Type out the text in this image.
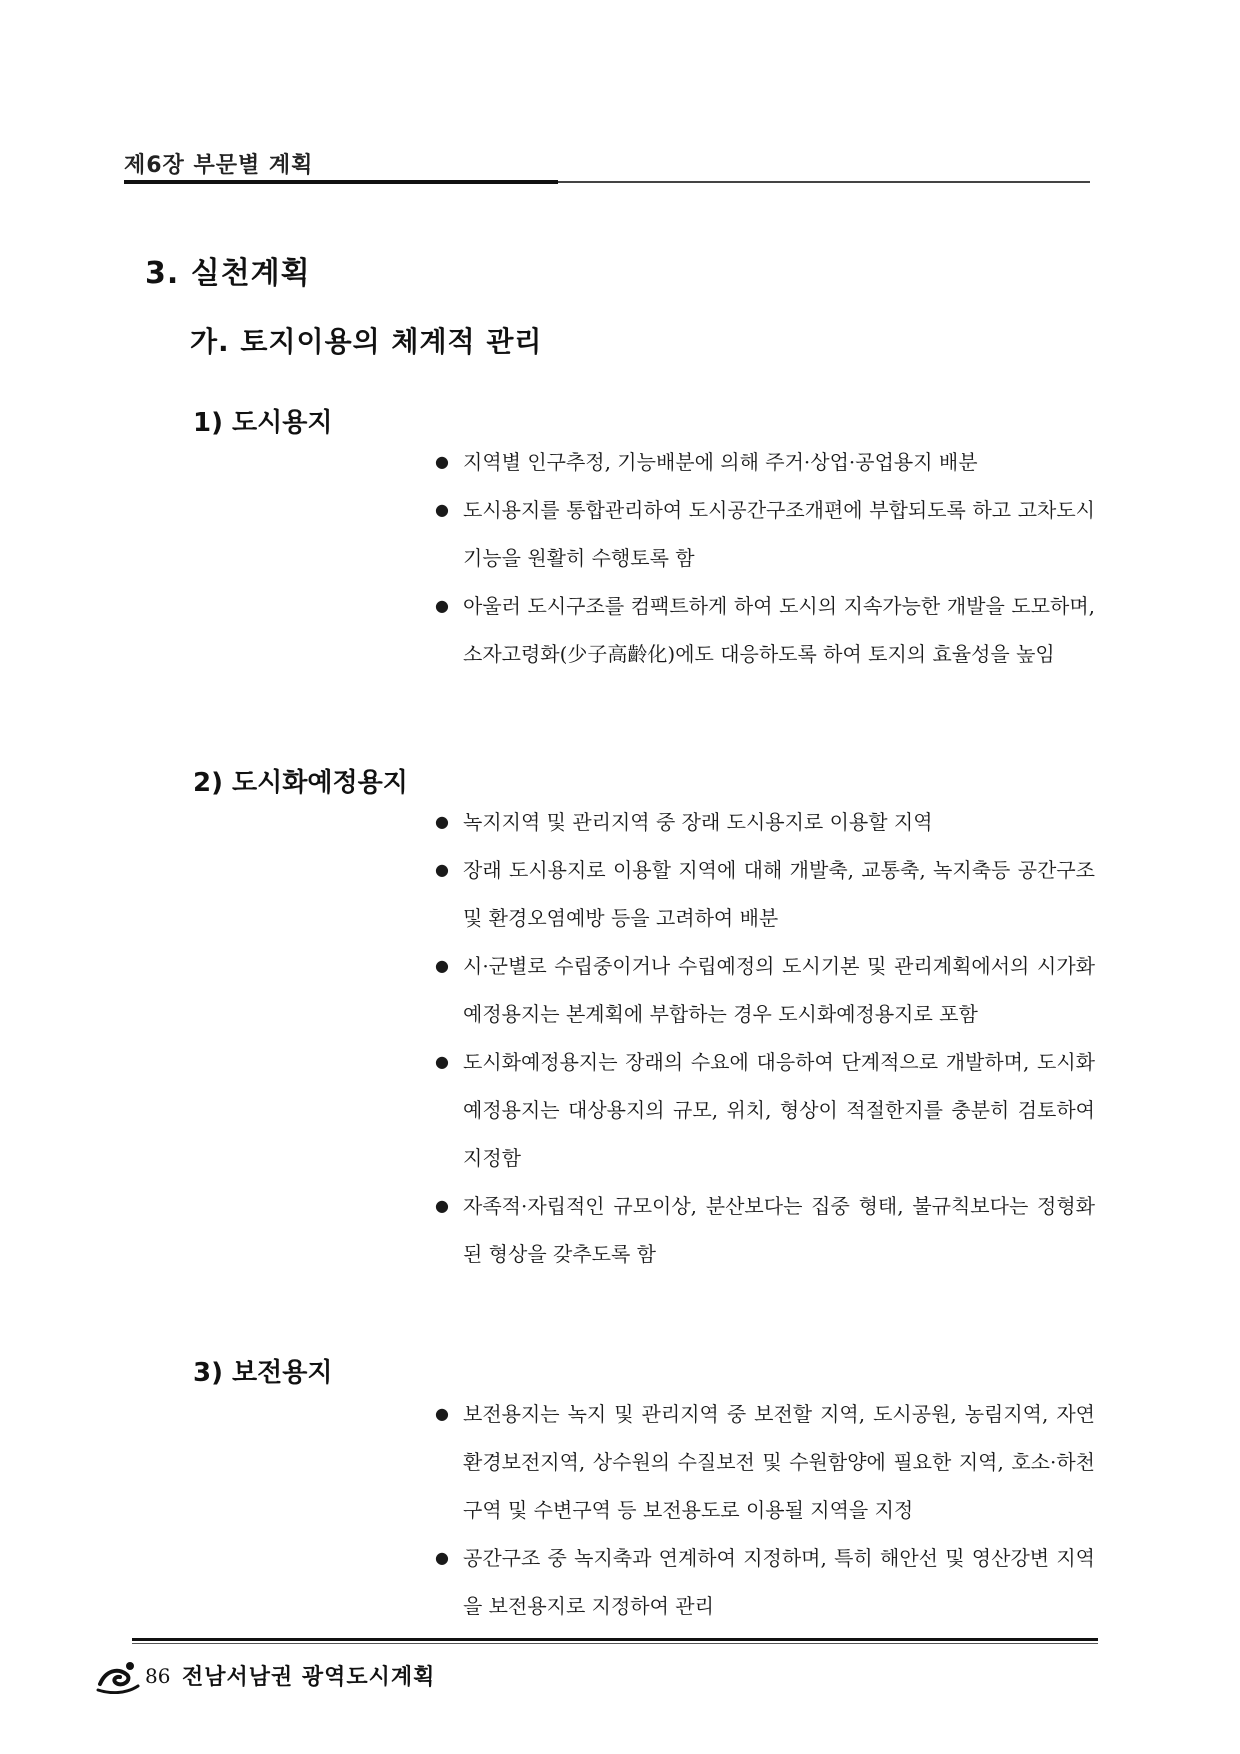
제6장 부문별 계획
3. 실천계획
가. 토지이용의 체계적 관리
1) 도시용지
● 지역별 인구추정, 기능배분에 의해 주거·상업·공업용지 배분
● 도시용지를 통합관리하여 도시공간구조개편에 부합되도록 하고 고차도시기능을 원활히 수행토록 함
● 아울러 도시구조를 컴팩트하게 하여 도시의 지속가능한 개발을 도모하며, 소자고령화(少子高齡化)에도 대응하도록 하여 토지의 효율성을 높임
2) 도시화예정용지
● 녹지지역 및 관리지역 중 장래 도시용지로 이용할 지역
● 장래 도시용지로 이용할 지역에 대해 개발축, 교통축, 녹지축등 공간구조 및 환경오염예방 등을 고려하여 배분
● 시·군별로 수립중이거나 수립예정의 도시기본 및 관리계획에서의 시가화예정용지는 본계획에 부합하는 경우 도시화예정용지로 포함
● 도시화예정용지는 장래의 수요에 대응하여 단계적으로 개발하며, 도시화예정용지는 대상용지의 규모, 위치, 형상이 적절한지를 충분히 검토하여 지정함
● 자족적·자립적인 규모이상, 분산보다는 집중 형태, 불규칙보다는 정형화된 형상을 갖추도록 함
3) 보전용지
● 보전용지는 녹지 및 관리지역 중 보전할 지역, 도시공원, 농림지역, 자연환경보전지역, 상수원의 수질보전 및 수원함양에 필요한 지역, 호소·하천구역 및 수변구역 등 보전용도로 이용될 지역을 지정
● 공간구조 중 녹지축과 연계하여 지정하며, 특히 해안선 및 영산강변 지역을 보전용지로 지정하여 관리
86 전남서남권 광역도시계획
